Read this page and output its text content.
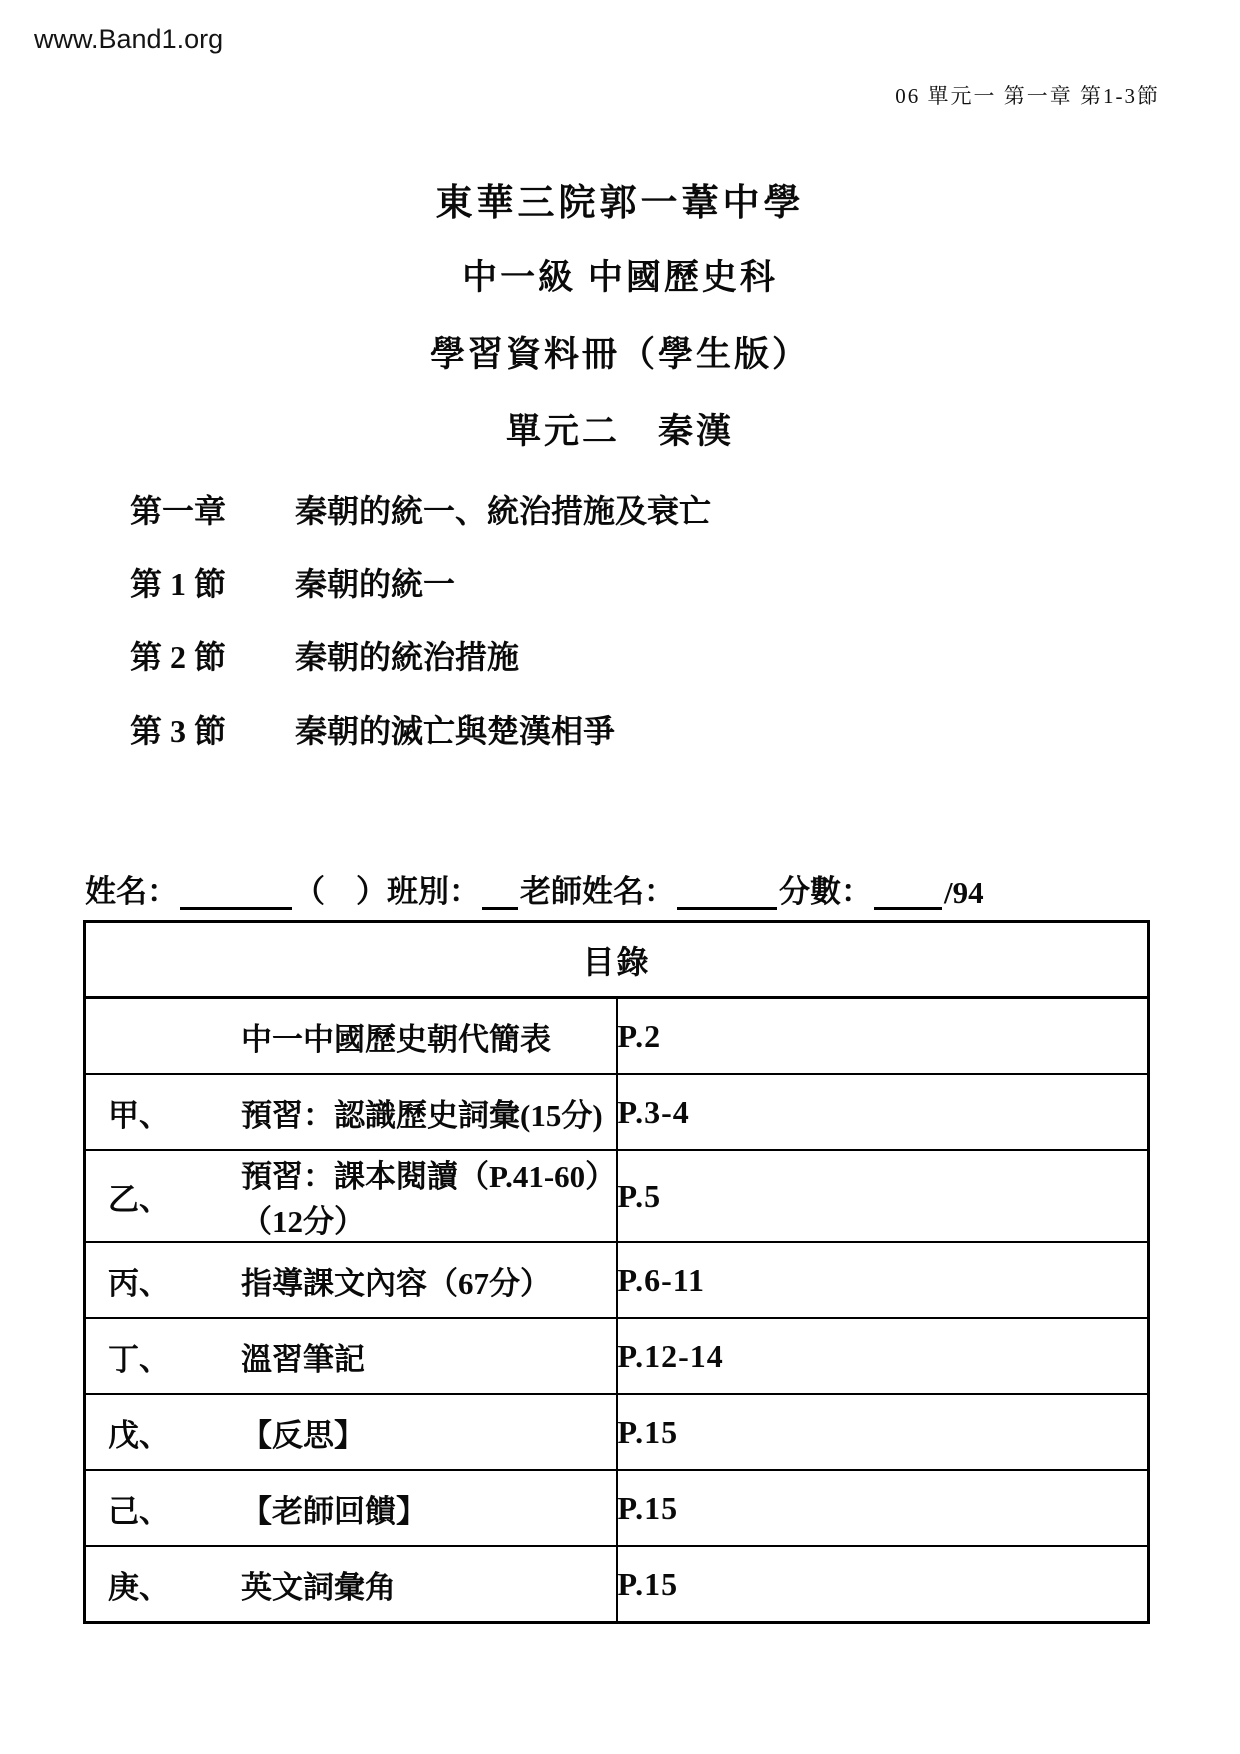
www.Band1.org
06 單元一 第一章 第1-3節
東華三院郭一葦中學
中一級 中國歷史科
學習資料冊（學生版）
單元二　秦漢
第一章	秦朝的統一、統治措施及衰亡
第 1 節	秦朝的統一
第 2 節	秦朝的統治措施
第 3 節	秦朝的滅亡與楚漢相爭
姓名：	（　） 班別： 老師姓名：	分數： /94
目錄	

中一中國歷史朝代簡表	P.2

甲、 預習：認識歷史詞彙(15分)	P.3-4

乙、
預習：課本閱讀（P.41-60）（12分）	P.5

丙、 指導課文內容（67分）	P.6-11

丁、 溫習筆記	P.12-14

戊、 【反思】	P.15

己、 【老師回饋】	P.15

庚、 英文詞彙角	P.15
